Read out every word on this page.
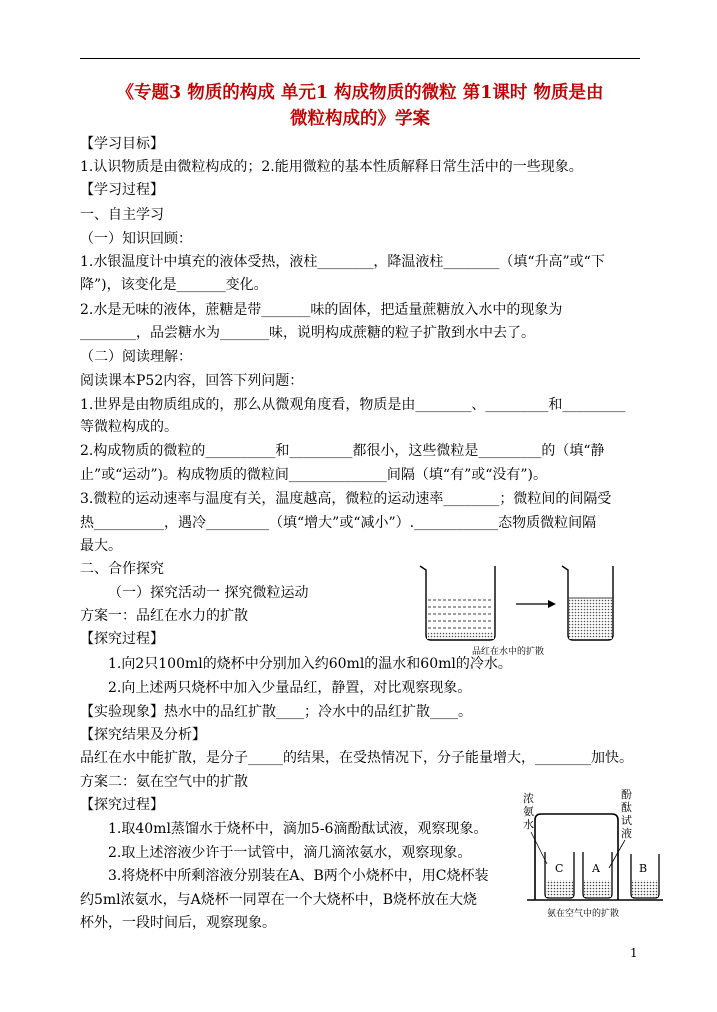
《专题3 物质的构成 单元1 构成物质的微粒 第1课时 物质是由
微粒构成的》学案
【学习目标】
1.认识物质是由微粒构成的；2.能用微粒的基本性质解释日常生活中的一些现象。
【学习过程】
一、自主学习
（一）知识回顾：
1.水银温度计中填充的液体受热，液柱________，降温液柱________（填“升高”或“下
降”)，该变化是_______变化。
2.水是无味的液体，蔗糖是带_______味的固体，把适量蔗糖放入水中的现象为
________，品尝糖水为_______味，说明构成蔗糖的粒子扩散到水中去了。
（二）阅读理解：
阅读课本P52内容，回答下列问题：
1.世界是由物质组成的，那么从微观角度看，物质是由________、_________和_________
等微粒构成的。
2.构成物质的微粒的__________和_________都很小，这些微粒是_________的（填“静
止”或“运动”)。构成物质的微粒间______________间隔（填“有”或“没有”)。
3.微粒的运动速率与温度有关，温度越高，微粒的运动速率________；微粒间的间隔受
热__________，遇冷_________（填“增大”或“减小”）.____________态物质微粒间隔
最大。
二、合作探究
（一）探究活动一 探究微粒运动
方案一：品红在水力的扩散
【探究过程】
1.向2只100ml的烧杯中分别加入约60ml的温水和60ml的冷水。
2.向上述两只烧杯中加入少量品红，静置，对比观察现象。
【实验现象】热水中的品红扩散____；冷水中的品红扩散____。
【探究结果及分析】
品红在水中能扩散，是分子_____的结果，在受热情况下，分子能量增大，________加快。
方案二：氨在空气中的扩散
【探究过程】
1.取40ml蒸馏水于烧杯中，滴加5-6滴酚酞试液，观察现象。
2.取上述溶液少许于一试管中，滴几滴浓氨水，观察现象。
3.将烧杯中所剩溶液分别装在A、B两个小烧杯中，用C烧杯装
约5ml浓氨水，与A烧杯一同罩在一个大烧杯中，B烧杯放在大烧
杯外，一段时间后，观察现象。
品红在水中的扩散
浓
氨
水
酚
酞
试
液
C	A	B
氨在空气中的扩散
1
